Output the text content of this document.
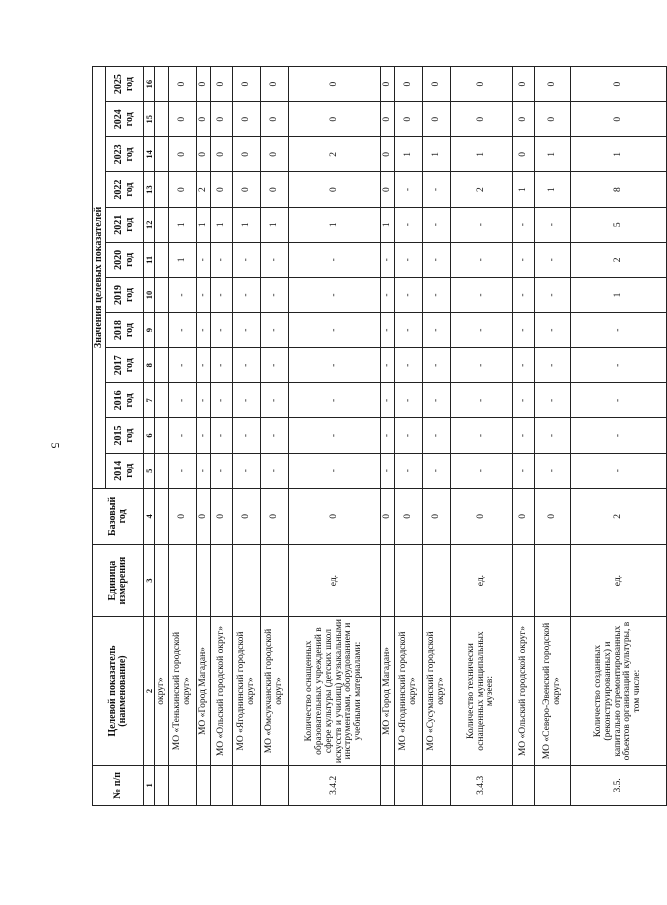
5
№ п/п	Целевой показатель (наименование)	Единица измерения	Базовый год	Значения целевых показателей											
				2014 год	2015 год	2016 год	2017 год	2018 год	2019 год	2020 год	2021 год	2022 год	2023 год	2024 год	2025 год
1	2	3	4	5	6	7	8	9	10	11	12	13	14	15	16
	округ»														
	МО «Тенькинский городской округ»		0	-	-	-	-	-	-	1	1	0	0	0	0
	МО «Город Магадан»		0	-	-	-	-	-	-	-	1	2	0	0	0
	МО «Ольский городской округ»		0	-	-	-	-	-	-	-	1	0	0	0	0
	МО «Ягоднинский городской округ»		0	-	-	-	-	-	-	-	1	0	0	0	0
	МО «Омсукчанский городской округ»		0	-	-	-	-	-	-	-	1	0	0	0	0
3.4.2	Количество оснащенных образовательных учреждений в сфере культуры (детских школ искусств и училищ) музыкальными инструментами, оборудованием и учебными материалами:	ед.	0	-	-	-	-	-	-	-	1	0	2	0	0
	МО «Город Магадан»		0	-	-	-	-	-	-	-	1	0	0	0	0
	МО «Ягоднинский городской округ»		0	-	-	-	-	-	-	-	-	-	1	0	0
	МО «Сусуманский городской округ»		0	-	-	-	-	-	-	-	-	-	1	0	0
3.4.3	Количество технически оснащенных муниципальных музеев:	ед.	0	-	-	-	-	-	-	-	-	2	1	0	0
	МО «Ольский городской округ»		0	-	-	-	-	-	-	-	-	1	0	0	0
	МО «Северо-Эвенский городской округ»		0	-	-	-	-	-	-	-	-	1	1	0	0
3.5.	Количество созданных (реконструированных) и капитально отремонтированных объектов организаций культуры, в том числе:	ед.	2	-	-	-	-	-	1	2	5	8	1	0	0
